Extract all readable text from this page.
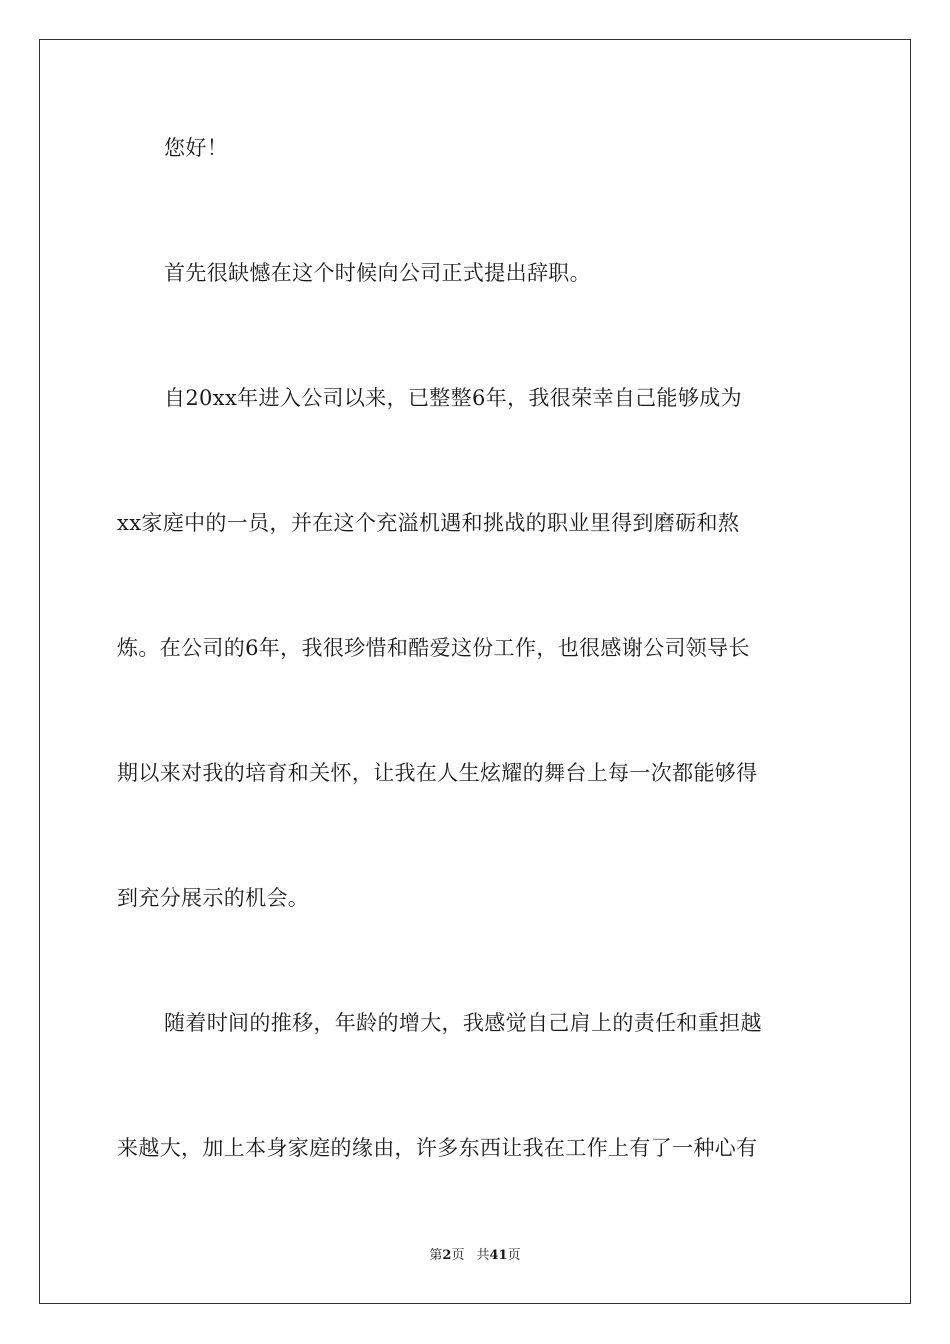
您好！
首先很缺憾在这个时候向公司正式提出辞职。
自20xx年进入公司以来，已整整6年，我很荣幸自己能够成为
xx家庭中的一员，并在这个充溢机遇和挑战的职业里得到磨砺和熬
炼。在公司的6年，我很珍惜和酷爱这份工作，也很感谢公司领导长
期以来对我的培育和关怀，让我在人生炫耀的舞台上每一次都能够得
到充分展示的机会。
随着时间的推移，年龄的增大，我感觉自己肩上的责任和重担越
来越大，加上本身家庭的缘由，许多东西让我在工作上有了一种心有
第2页 共41页
